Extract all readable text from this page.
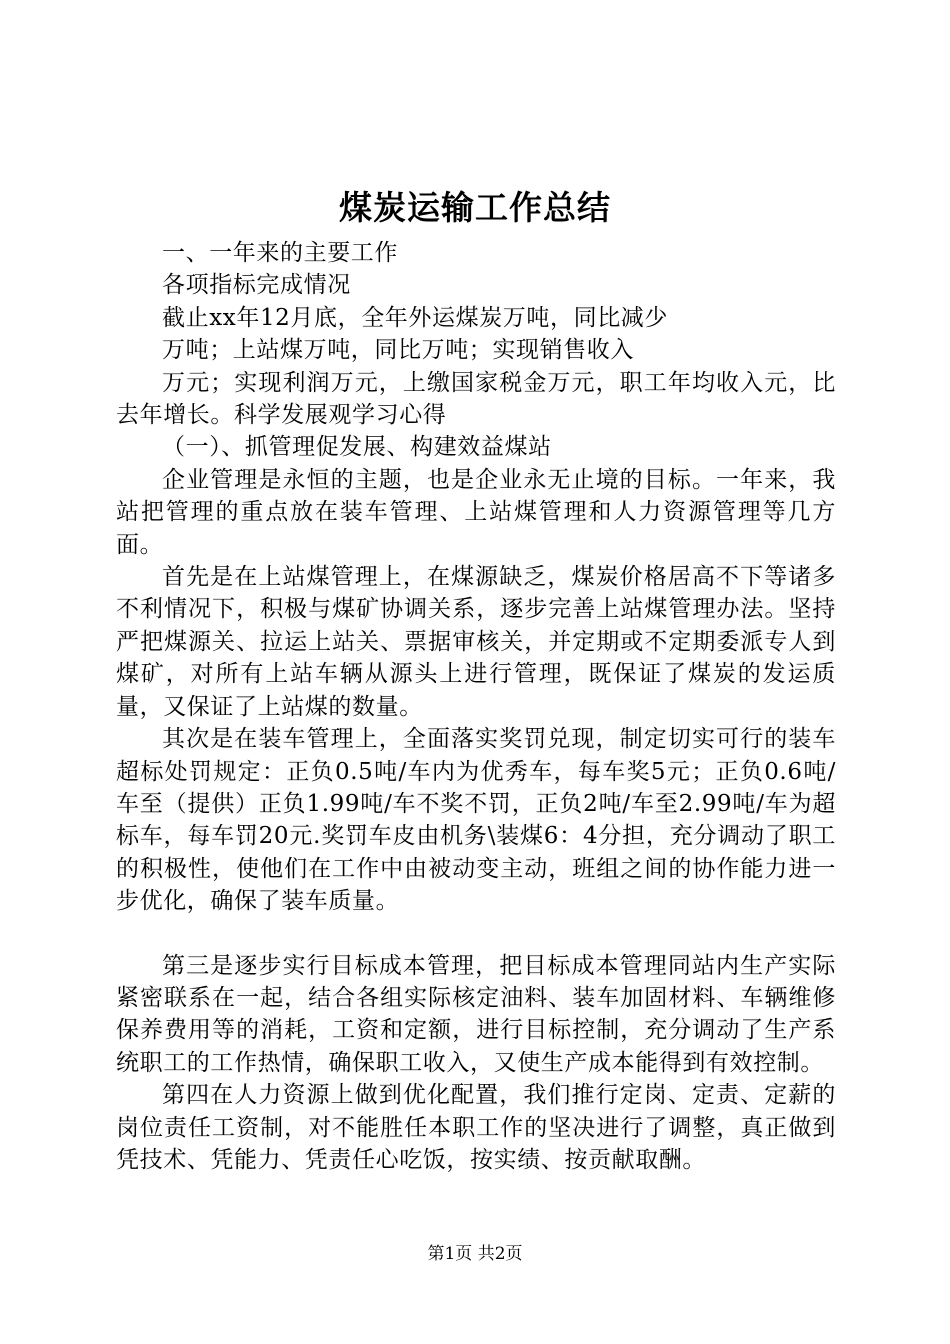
煤炭运输工作总结

一、一年来的主要工作

各项指标完成情况

截止xx年12月底，全年外运煤炭万吨，同比减少

万吨；上站煤万吨，同比万吨；实现销售收入

万元；实现利润万元，上缴国家税金万元，职工年均收入元，比去年增长。科学发展观学习心得

（一）、抓管理促发展、构建效益煤站

企业管理是永恒的主题，也是企业永无止境的目标。一年来，我站把管理的重点放在装车管理、上站煤管理和人力资源管理等几方面。

首先是在上站煤管理上，在煤源缺乏，煤炭价格居高不下等诸多不利情况下，积极与煤矿协调关系，逐步完善上站煤管理办法。坚持严把煤源关、拉运上站关、票据审核关，并定期或不定期委派专人到煤矿，对所有上站车辆从源头上进行管理，既保证了煤炭的发运质量，又保证了上站煤的数量。

其次是在装车管理上，全面落实奖罚兑现，制定切实可行的装车超标处罚规定：正负0.5吨/车内为优秀车，每车奖5元；正负0.6吨/车至（提供）正负1.99吨/车不奖不罚，正负2吨/车至2.99吨/车为超标车，每车罚20元.奖罚车皮由机务\装煤6：4分担，充分调动了职工的积极性，使他们在工作中由被动变主动，班组之间的协作能力进一步优化，确保了装车质量。

第三是逐步实行目标成本管理，把目标成本管理同站内生产实际紧密联系在一起，结合各组实际核定油料、装车加固材料、车辆维修保养费用等的消耗，工资和定额，进行目标控制，充分调动了生产系统职工的工作热情，确保职工收入，又使生产成本能得到有效控制。

第四在人力资源上做到优化配置，我们推行定岗、定责、定薪的岗位责任工资制，对不能胜任本职工作的坚决进行了调整，真正做到凭技术、凭能力、凭责任心吃饭，按实绩、按贡献取酬。

第1页 共2页
